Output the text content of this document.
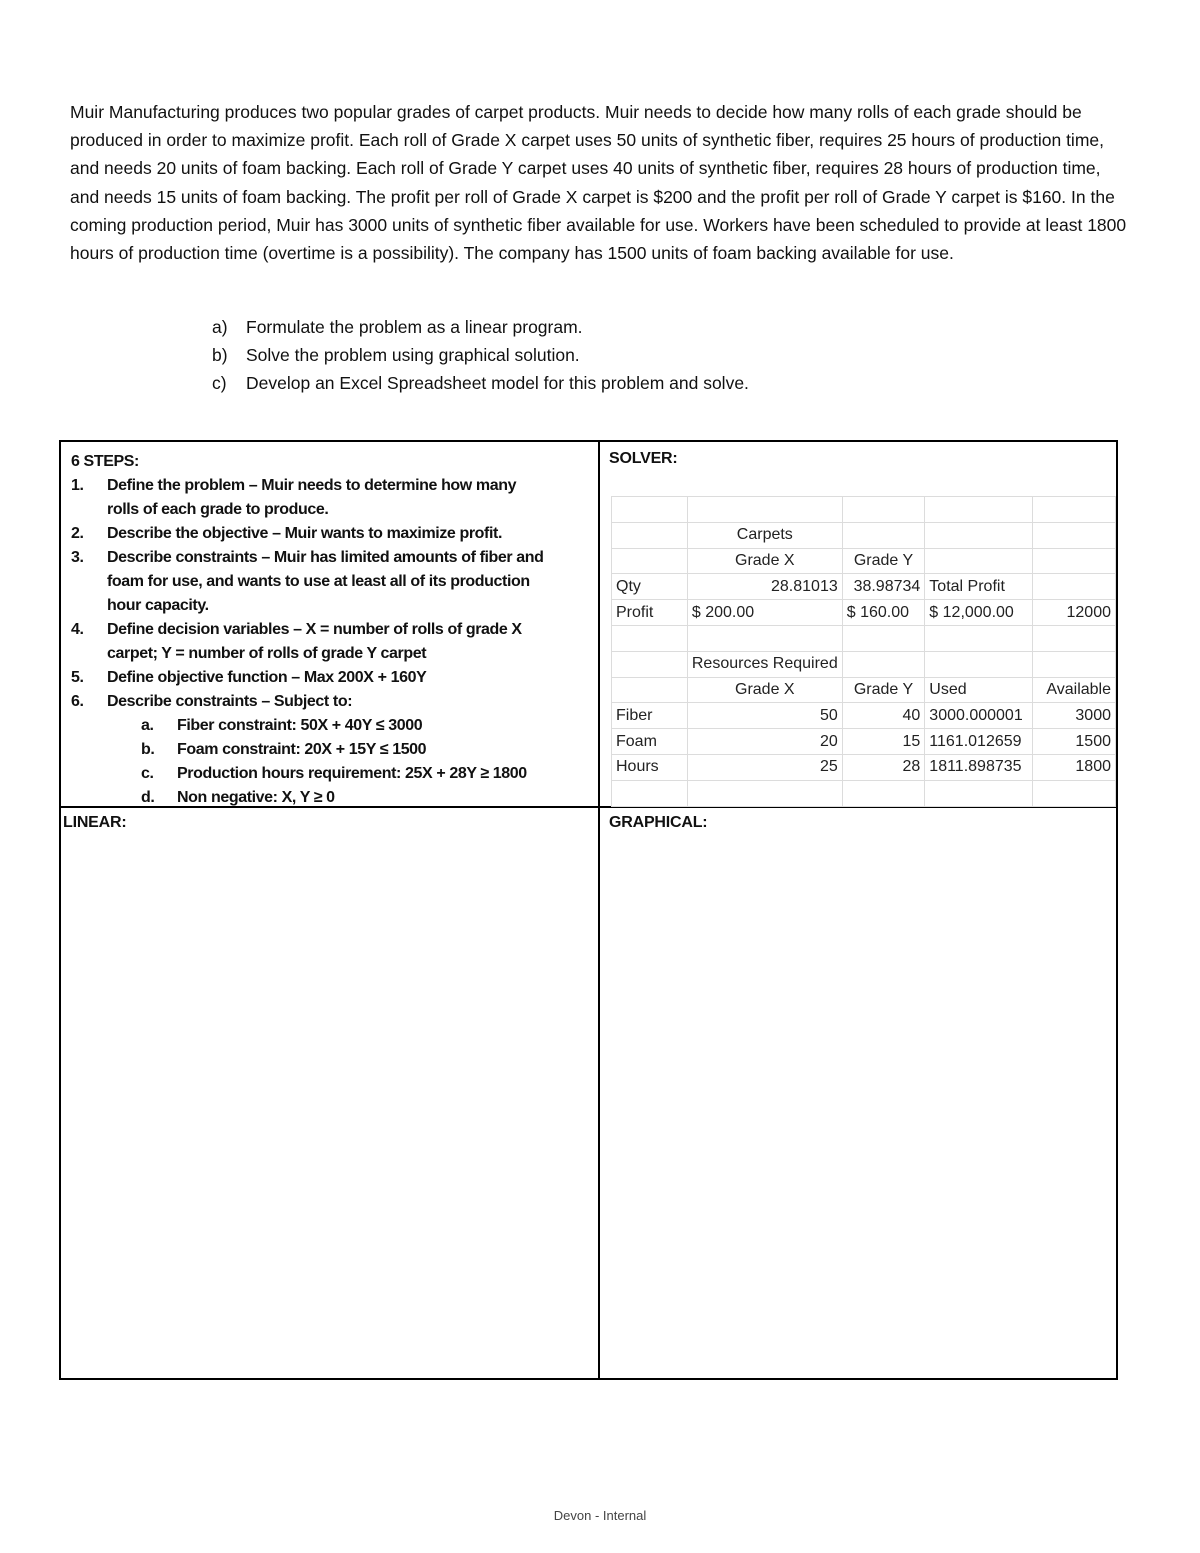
Muir Manufacturing produces two popular grades of carpet products. Muir needs to decide how many rolls of each grade should be produced in order to maximize profit. Each roll of Grade X carpet uses 50 units of synthetic fiber, requires 25 hours of production time, and needs 20 units of foam backing. Each roll of Grade Y carpet uses 40 units of synthetic fiber, requires 28 hours of production time, and needs 15 units of foam backing. The profit per roll of Grade X carpet is $200 and the profit per roll of Grade Y carpet is $160. In the coming production period, Muir has 3000 units of synthetic fiber available for use. Workers have been scheduled to provide at least 1800 hours of production time (overtime is a possibility). The company has 1500 units of foam backing available for use.

a)	Formulate the problem as a linear program.
b)	Solve the problem using graphical solution.
c)	Develop an Excel Spreadsheet model for this problem and solve.
6 STEPS:
1.	Define the problem – Muir needs to determine how many
rolls of each grade to produce.
2.	Describe the objective – Muir wants to maximize profit.
3.	Describe constraints – Muir has limited amounts of fiber and
foam for use, and wants to use at least all of its production
hour capacity.
4.	Define decision variables – X = number of rolls of grade X
carpet; Y = number of rolls of grade Y carpet
5.	Define objective function – Max 200X + 160Y
6.	Describe constraints – Subject to:
a.	Fiber constraint: 50X + 40Y ≤ 3000
b.	Foam constraint: 20X + 15Y ≤ 1500
c.	Production hours requirement: 25X + 28Y ≥ 1800
d.	Non negative: X, Y ≥ 0
SOLVER:

	Carpets			
	Grade X	Grade Y		
Qty	28.81013	38.98734	Total Profit	
Profit	$ 200.00	$ 160.00	$ 12,000.00	12000

	Resources Required			
	Grade X	Grade Y	Used	Available
Fiber	50	40	3000.000001	3000
Foam	20	15	1161.012659	1500
Hours	25	28	1811.898735	1800

LINEAR:	GRAPHICAL:
Devon - Internal
